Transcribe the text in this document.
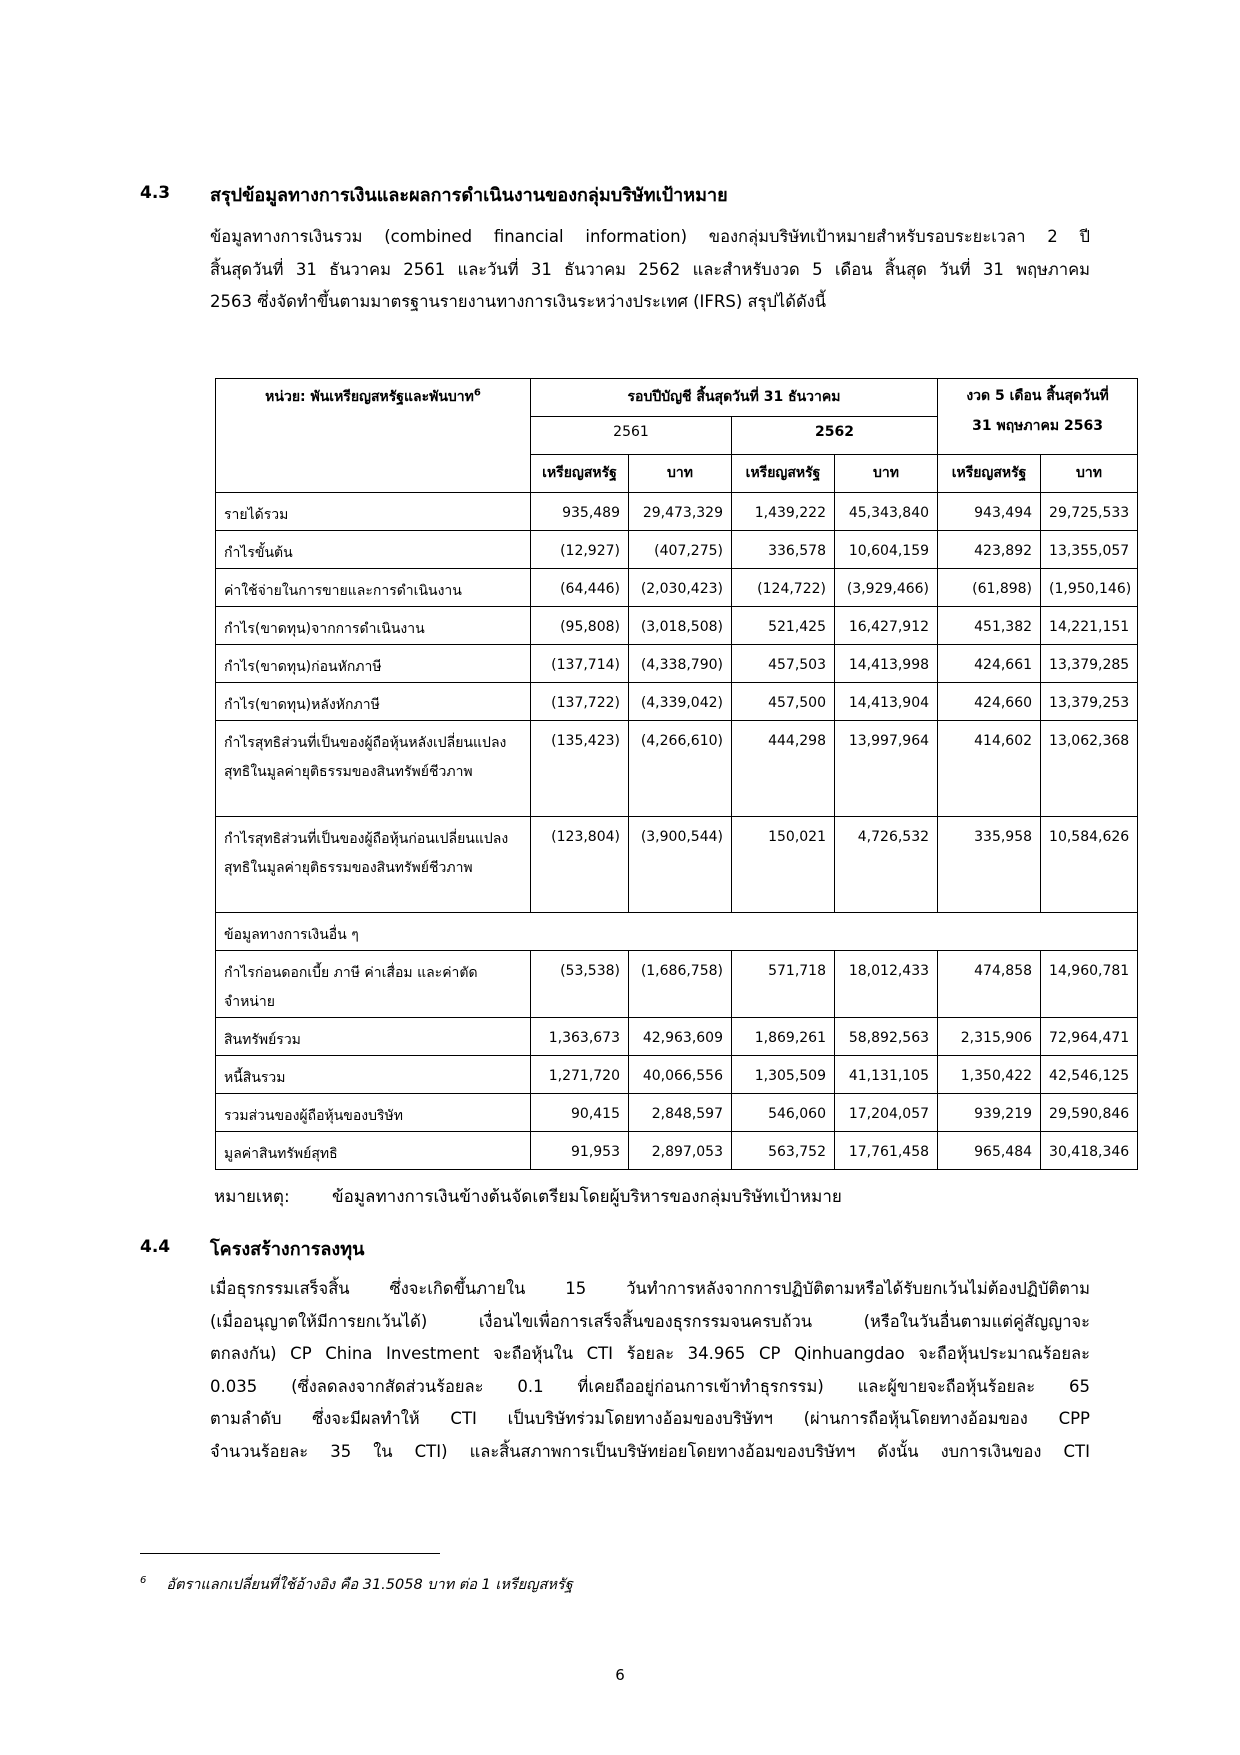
4.3 สรุปข้อมูลทางการเงินและผลการดำเนินงานของกลุ่มบริษัทเป้าหมาย
ข้อมูลทางการเงินรวม (combined financial information) ของกลุ่มบริษัทเป้าหมายสำหรับรอบระยะเวลา 2 ปี
สิ้นสุดวันที่ 31 ธันวาคม 2561 และวันที่ 31 ธันวาคม 2562 และสำหรับงวด 5 เดือน สิ้นสุด วันที่ 31 พฤษภาคม
2563 ซึ่งจัดทำขึ้นตามมาตรฐานรายงานทางการเงินระหว่างประเทศ (IFRS) สรุปได้ดังนี้
หน่วย: พันเหรียญสหรัฐและพันบาท$^6$	รอบปีบัญชี สิ้นสุดวันที่ 31 ธันวาคม				งวด 5 เดือน สิ้นสุดวันที่
31 พฤษภาคม 2563	

	2561		2562			
	เหรียญสหรัฐ	บาท	เหรียญสหรัฐ	บาท	เหรียญสหรัฐ	บาท
รายได้รวม	935,489	29,473,329	1,439,222	45,343,840	943,494	29,725,533
กำไรขั้นต้น	(12,927)	(407,275)	336,578	10,604,159	423,892	13,355,057
ค่าใช้จ่ายในการขายและการดำเนินงาน	(64,446)	(2,030,423)	(124,722)	(3,929,466)	(61,898)	(1,950,146)
กำไร(ขาดทุน)จากการดำเนินงาน	(95,808)	(3,018,508)	521,425	16,427,912	451,382	14,221,151
กำไร(ขาดทุน)ก่อนหักภาษี	(137,714)	(4,338,790)	457,503	14,413,998	424,661	13,379,285
กำไร(ขาดทุน)หลังหักภาษี	(137,722)	(4,339,042)	457,500	14,413,904	424,660	13,379,253
กำไรสุทธิส่วนที่เป็นของผู้ถือหุ้นหลังเปลี่ยนแปลงสุทธิในมูลค่ายุติธรรมของสินทรัพย์ชีวภาพ	(135,423)	(4,266,610)	444,298	13,997,964	414,602	13,062,368
กำไรสุทธิส่วนที่เป็นของผู้ถือหุ้นก่อนเปลี่ยนแปลงสุทธิในมูลค่ายุติธรรมของสินทรัพย์ชีวภาพ	(123,804)	(3,900,544)	150,021	4,726,532	335,958	10,584,626
ข้อมูลทางการเงินอื่น ๆ						
กำไรก่อนดอกเบี้ย ภาษี ค่าเสื่อม และค่าตัดจำหน่าย	(53,538)	(1,686,758)	571,718	18,012,433	474,858	14,960,781
สินทรัพย์รวม	1,363,673	42,963,609	1,869,261	58,892,563	2,315,906	72,964,471
หนี้สินรวม	1,271,720	40,066,556	1,305,509	41,131,105	1,350,422	42,546,125
รวมส่วนของผู้ถือหุ้นของบริษัท	90,415	2,848,597	546,060	17,204,057	939,219	29,590,846
มูลค่าสินทรัพย์สุทธิ	91,953	2,897,053	563,752	17,761,458	965,484	30,418,346
หมายเหตุ: ข้อมูลทางการเงินข้างต้นจัดเตรียมโดยผู้บริหารของกลุ่มบริษัทเป้าหมาย
4.4 โครงสร้างการลงทุน
เมื่อธุรกรรมเสร็จสิ้น ซึ่งจะเกิดขึ้นภายใน 15 วันทำการหลังจากการปฏิบัติตามหรือได้รับยกเว้นไม่ต้องปฏิบัติตาม
(เมื่ออนุญาตให้มีการยกเว้นได้) เงื่อนไขเพื่อการเสร็จสิ้นของธุรกรรมจนครบถ้วน (หรือในวันอื่นตามแต่คู่สัญญาจะ
ตกลงกัน) CP China Investment จะถือหุ้นใน CTI ร้อยละ 34.965 CP Qinhuangdao จะถือหุ้นประมาณร้อยละ
0.035 (ซึ่งลดลงจากสัดส่วนร้อยละ 0.1 ที่เคยถืออยู่ก่อนการเข้าทำธุรกรรม) และผู้ขายจะถือหุ้นร้อยละ 65
ตามลำดับ ซึ่งจะมีผลทำให้ CTI เป็นบริษัทร่วมโดยทางอ้อมของบริษัทฯ (ผ่านการถือหุ้นโดยทางอ้อมของ CPP
จำนวนร้อยละ 35 ใน CTI) และสิ้นสภาพการเป็นบริษัทย่อยโดยทางอ้อมของบริษัทฯ ดังนั้น งบการเงินของ CTI
$^6$ อัตราแลกเปลี่ยนที่ใช้อ้างอิง คือ 31.5058 บาท ต่อ 1 เหรียญสหรัฐ
6
